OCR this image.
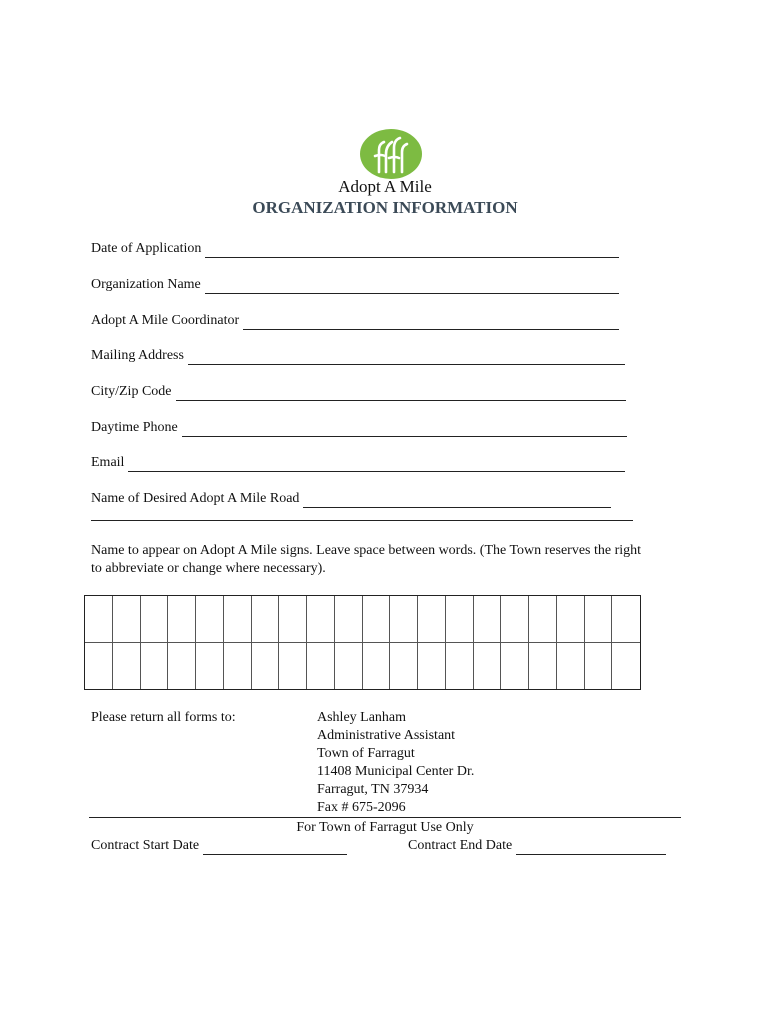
Adopt A Mile
ORGANIZATION INFORMATION
Date of Application
Organization Name
Adopt A Mile Coordinator
Mailing Address
City/Zip Code
Daytime Phone
Email
Name of Desired Adopt A Mile Road
Name to appear on Adopt A Mile signs. Leave space between words. (The Town reserves the right to abbreviate or change where necessary).
Please return all forms to:	Ashley Lanham
Administrative Assistant
Town of Farragut
11408 Municipal Center Dr.
Farragut, TN 37934
Fax # 675-2096
For Town of Farragut Use Only
Contract Start Date	Contract End Date
